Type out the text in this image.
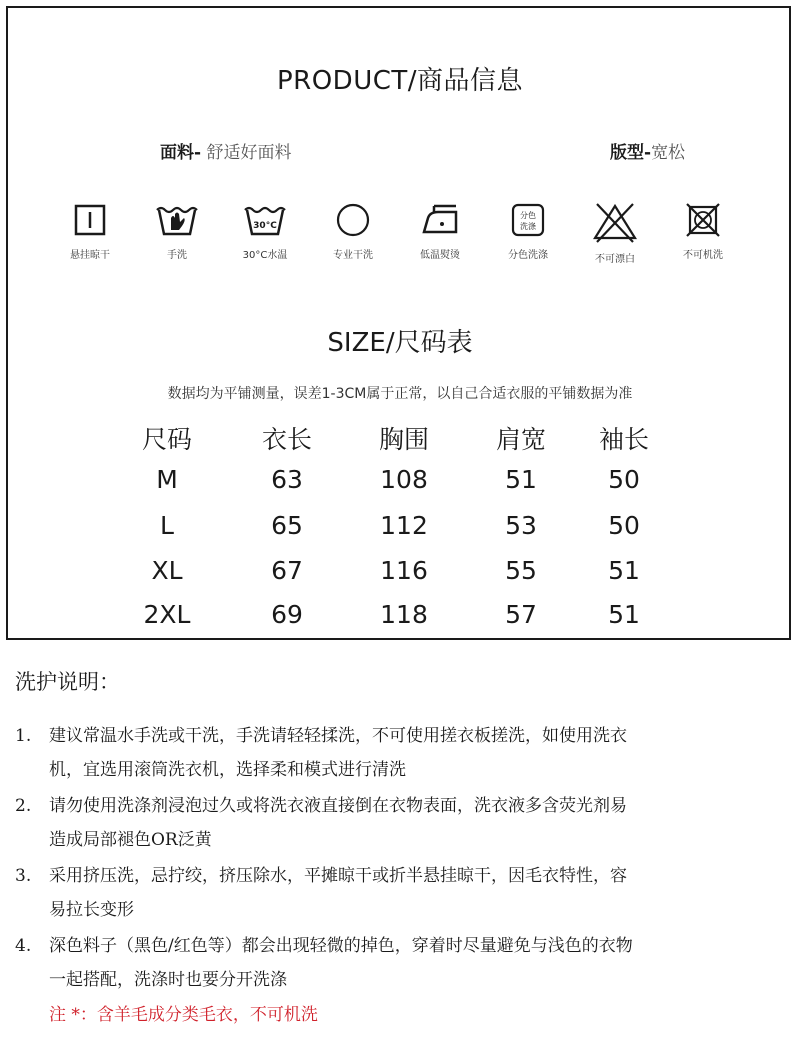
PRODUCT/商品信息
面料- 舒适好面料	版型-宽松
悬挂晾干	手洗
30°C
30°C水温	专业干洗	低温熨烫
分色
洗涤
分色洗涤	不可漂白	不可机洗
SIZE/尺码表
数据均为平铺测量，误差1-3CM属于正常，以自己合适衣服的平铺数据为准
尺码	衣长	胸围	肩宽	袖长
M	63	108	51	50
L	65	112	53	50
XL	67	116	55	51
2XL	69	118	57	51
洗护说明：
1.	建议常温水手洗或干洗，手洗请轻轻揉洗，不可使用搓衣板搓洗，如使用洗衣
机，宜选用滚筒洗衣机，选择柔和模式进行清洗
2.	请勿使用洗涤剂浸泡过久或将洗衣液直接倒在衣物表面，洗衣液多含荧光剂易
造成局部褪色OR泛黄
3.	采用挤压洗，忌拧绞，挤压除水，平摊晾干或折半悬挂晾干，因毛衣特性，容
易拉长变形
4.	深色料子（黑色/红色等）都会出现轻微的掉色，穿着时尽量避免与浅色的衣物
一起搭配，洗涤时也要分开洗涤
注 *：含羊毛成分类毛衣，不可机洗
